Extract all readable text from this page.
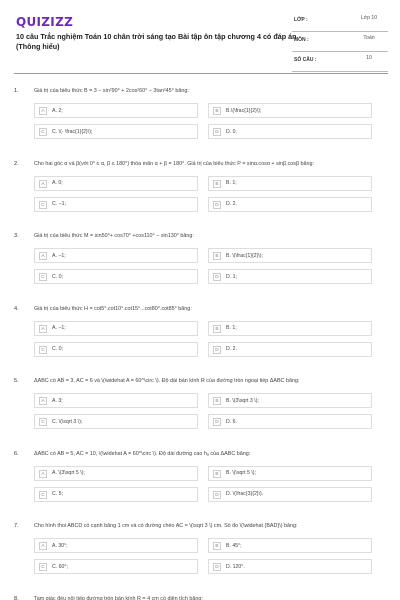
QUIZIZZ
10 câu Trắc nghiệm Toán 10 chân trời sáng tạo Bài tập ôn tập chương 4 có đáp án (Thông hiểu)
LỚP :	Lớp 10
MÔN :	Toán
SỐ CÂU :	10
1.	Giá trị của biểu thức B = 3 − sin²90° + 2cos²60° − 3tan²45° bằng:
A	A. 2;	B	B.\(\frac{1}{2}\);
C	C. \(- \frac{1}{2}\);	D	D. 0.
2.	Cho hai góc α và β(với 0° ≤ α, β ≤ 180°) thỏa mãn α + β = 180°. Giá trị của biểu thức P = sinα.cosα + sinβ.cosβ bằng:
A	A. 0;	B	B. 1;
C	C. −1;	D	D. 2.
3.	Giá trị của biểu thức M = sin50°+ cos70° +cos110° − sin130° bằng:
A	A. −1;	B	B. \(\frac{1}{2}\);
C	C. 0;	D	D. 1;
4.	Giá trị của biểu thức H = cot5°.cot10°.cot15°...cot80°.cot85° bằng:
A	A. −1;	B	B. 1;
C	C. 0;	D	D. 2.
5.	ΔABC có AB = 3, AC = 6 và \(\widehat A = 60^\circ \). Độ dài bán kính R của đường tròn ngoại tiếp ΔABC bằng:
A	A. 3;	B	B. \(3\sqrt 3 \);
C	C. \(\sqrt 3 \);	D	D. 6.
6.	ΔABC có AB = 5, AC = 10, \(\widehat A = 60^\circ \). Độ dài đường cao hₐ của ΔABC bằng:
A	A. \(3\sqrt 5 \);	B	B. \(\sqrt 5 \);
C	C. 5;	D	D. \(\frac{3}{2}\).
7.	Cho hình thoi ABCD có cạnh bằng 1 cm và có đường chéo AC = \(\sqrt 3 \) cm. Số đo \(\widehat {BAD}\) bằng:
A	A. 30°;	B	B. 45°;
C	C. 60°;	D	D. 120°.
8.	Tam giác đều nội tiếp đường tròn bán kính R = 4 cm có diện tích bằng:
